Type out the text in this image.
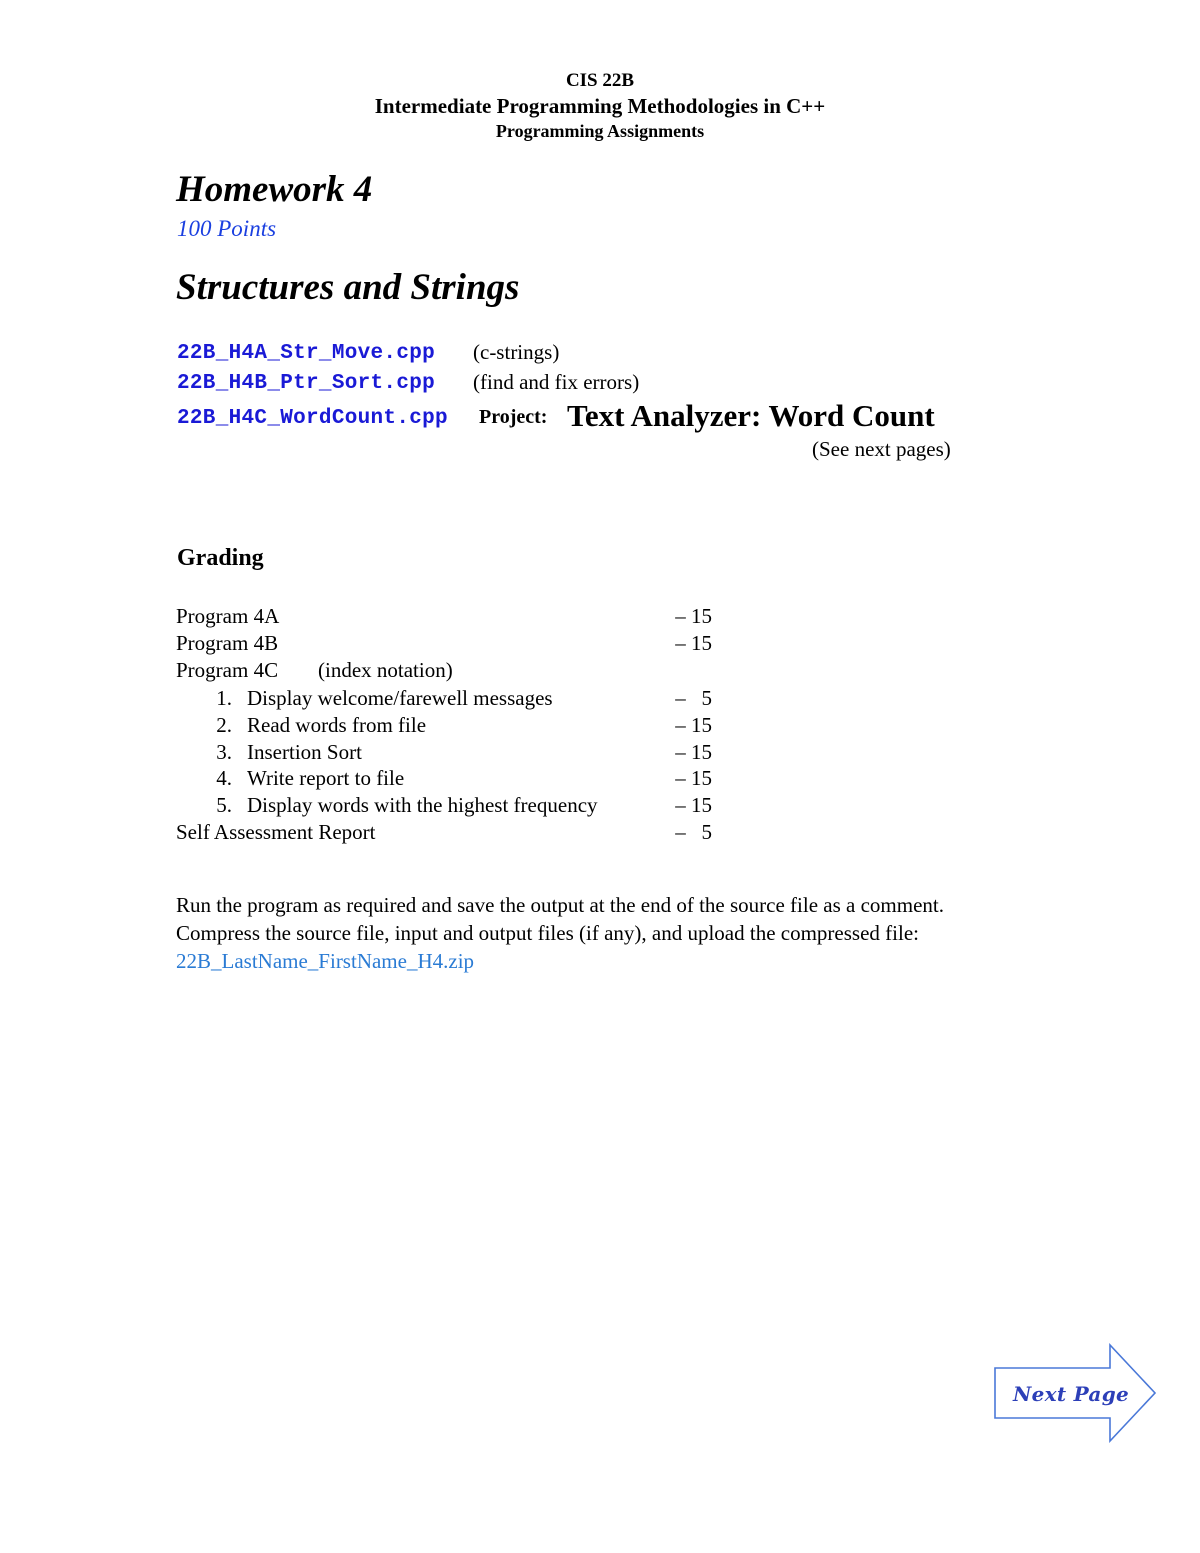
CIS 22B
Intermediate Programming Methodologies in C++
Programming Assignments
Homework 4
100 Points
Structures and Strings
22B_H4A_Str_Move.cpp (c-strings)
22B_H4B_Ptr_Sort.cpp (find and fix errors)
22B_H4C_WordCount.cpp Project: Text Analyzer: Word Count
(See next pages)
Grading
Program 4A	– 15
Program 4B	– 15
Program 4C (index notation)
1. Display welcome/farewell messages	–   5
2. Read words from file	– 15
3. Insertion Sort	– 15
4. Write report to file	– 15
5. Display words with the highest frequency	– 15
Self Assessment Report	–   5
Run the program as required and save the output at the end of the source file as a comment. Compress the source file, input and output files (if any), and upload the compressed file: 22B_LastName_FirstName_H4.zip
Next Page
